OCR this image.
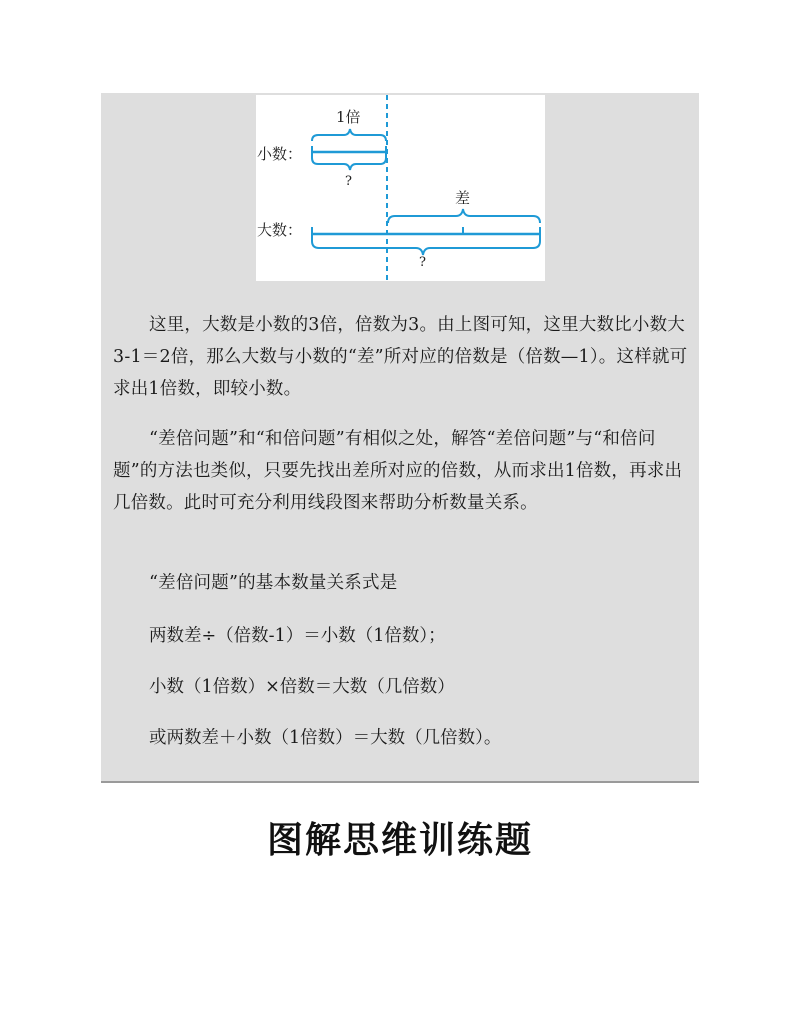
1倍
小数：
?
差
大数：
?

这里，大数是小数的3倍，倍数为3。由上图可知，这里大数比小数大3-1＝2倍，那么大数与小数的“差”所对应的倍数是（倍数—1）。这样就可求出1倍数，即较小数。

“差倍问题”和“和倍问题”有相似之处，解答“差倍问题”与“和倍问题”的方法也类似，只要先找出差所对应的倍数，从而求出1倍数，再求出几倍数。此时可充分利用线段图来帮助分析数量关系。

“差倍问题”的基本数量关系式是

两数差÷（倍数-1）＝小数（1倍数）；

小数（1倍数）×倍数＝大数（几倍数）

或两数差＋小数（1倍数）＝大数（几倍数）。

图解思维训练题
